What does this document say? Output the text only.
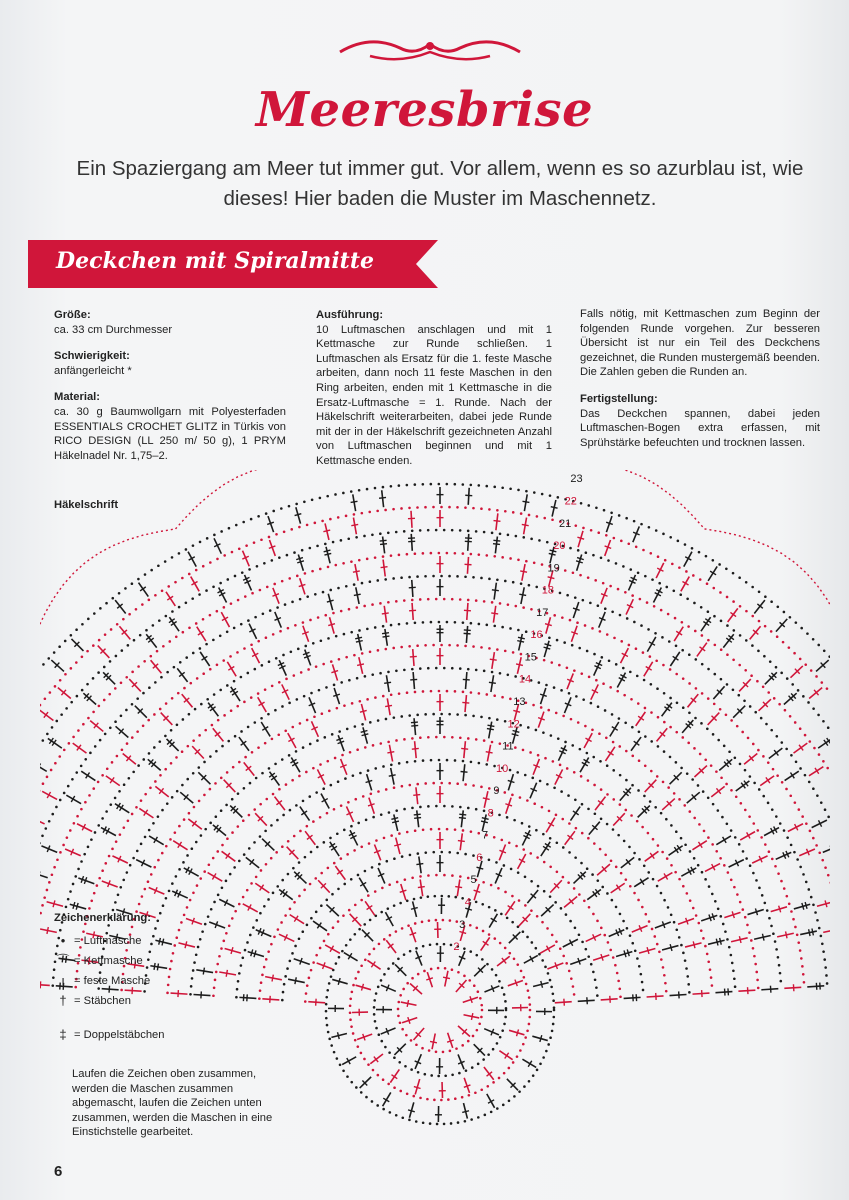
Meeresbrise
Ein Spaziergang am Meer tut immer gut. Vor allem, wenn es so azurblau ist, wie dieses! Hier baden die Muster im Maschennetz.
Deckchen mit Spiralmitte

Größe:

ca. 33 cm Durchmesser

Schwierigkeit:

anfängerleicht *

Material:

ca. 30 g Baumwollgarn mit Polyesterfaden ESSENTIALS CROCHET GLITZ in Türkis von RICO DESIGN (LL 250 m/ 50 g), 1 PRYM Häkelnadel Nr. 1,75–2.

Ausführung:

10 Luftmaschen anschlagen und mit 1 Kettmasche zur Runde schließen. 1 Luftmaschen als Ersatz für die 1. feste Masche arbeiten, dann noch 11 feste Maschen in den Ring arbeiten, enden mit 1 Kettmasche in die Ersatz-Luftmasche = 1. Runde. Nach der Häkelschrift weiterarbeiten, dabei jede Runde mit der in der Häkelschrift gezeichneten Anzahl von Luftmaschen beginnen und mit 1 Kettmasche enden.

Falls nötig, mit Kettmaschen zum Beginn der folgenden Runde vorgehen. Zur besseren Übersicht ist nur ein Teil des Deckchens gezeichnet, die Runden mustergemäß beenden. Die Zahlen geben die Runden an.

Fertigstellung:

Das Deckchen spannen, dabei jeden Luftmaschen-Bogen extra erfassen, mit Sprühstärke befeuchten und trocknen lassen.

Häkelschrift
2
3
4
5
6
7
8
9
10
11
12
13
14
15
16
17
18
19
20
21
22
23
Zeichenerklärung:
• = Luftmasche
⌒ = Kettmasche
ı = feste Masche
† = Stäbchen
‡ = Doppelstäbchen
Laufen die Zeichen oben zusammen, werden die Maschen zusammen abgemascht, laufen die Zeichen unten zusammen, werden die Maschen in eine Einstichstelle gearbeitet.
6
